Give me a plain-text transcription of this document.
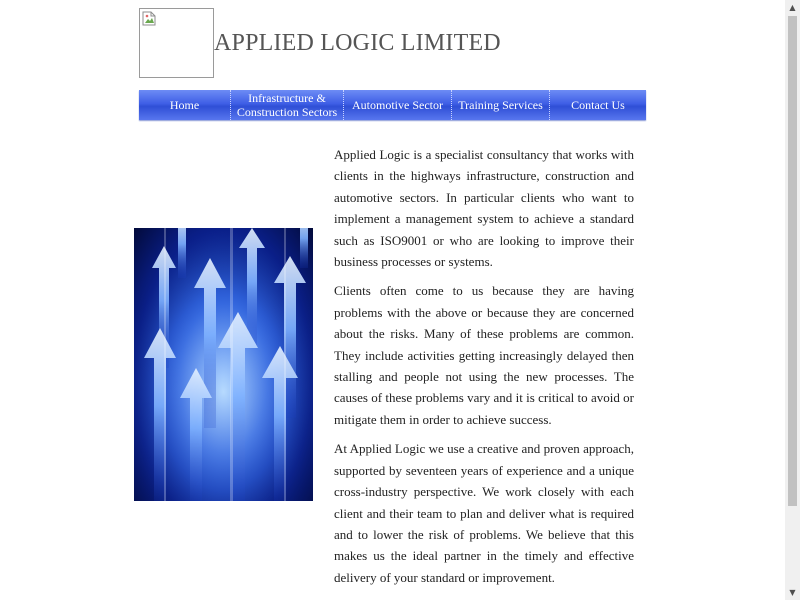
APPLIED LOGIC LIMITED
Home	Infrastructure & Construction Sectors	Automotive Sector	Training Services	Contact Us

Applied Logic is a specialist consultancy that works with clients in the highways infrastructure, construction and automotive sectors. In particular clients who want to implement a management system to achieve a standard such as ISO9001 or who are looking to improve their business processes or systems.

Clients often come to us because they are having problems with the above or because they are concerned about the risks. Many of these problems are common. They include activities getting increasingly delayed then stalling and people not using the new processes. The causes of these problems vary and it is critical to avoid or mitigate them in order to achieve success.

At Applied Logic we use a creative and proven approach, supported by seventeen years of experience and a unique cross-industry perspective. We work closely with each client and their team to plan and deliver what is required and to lower the risk of problems. We believe that this makes us the ideal partner in the timely and effective delivery of your standard or improvement.

▲
▼
